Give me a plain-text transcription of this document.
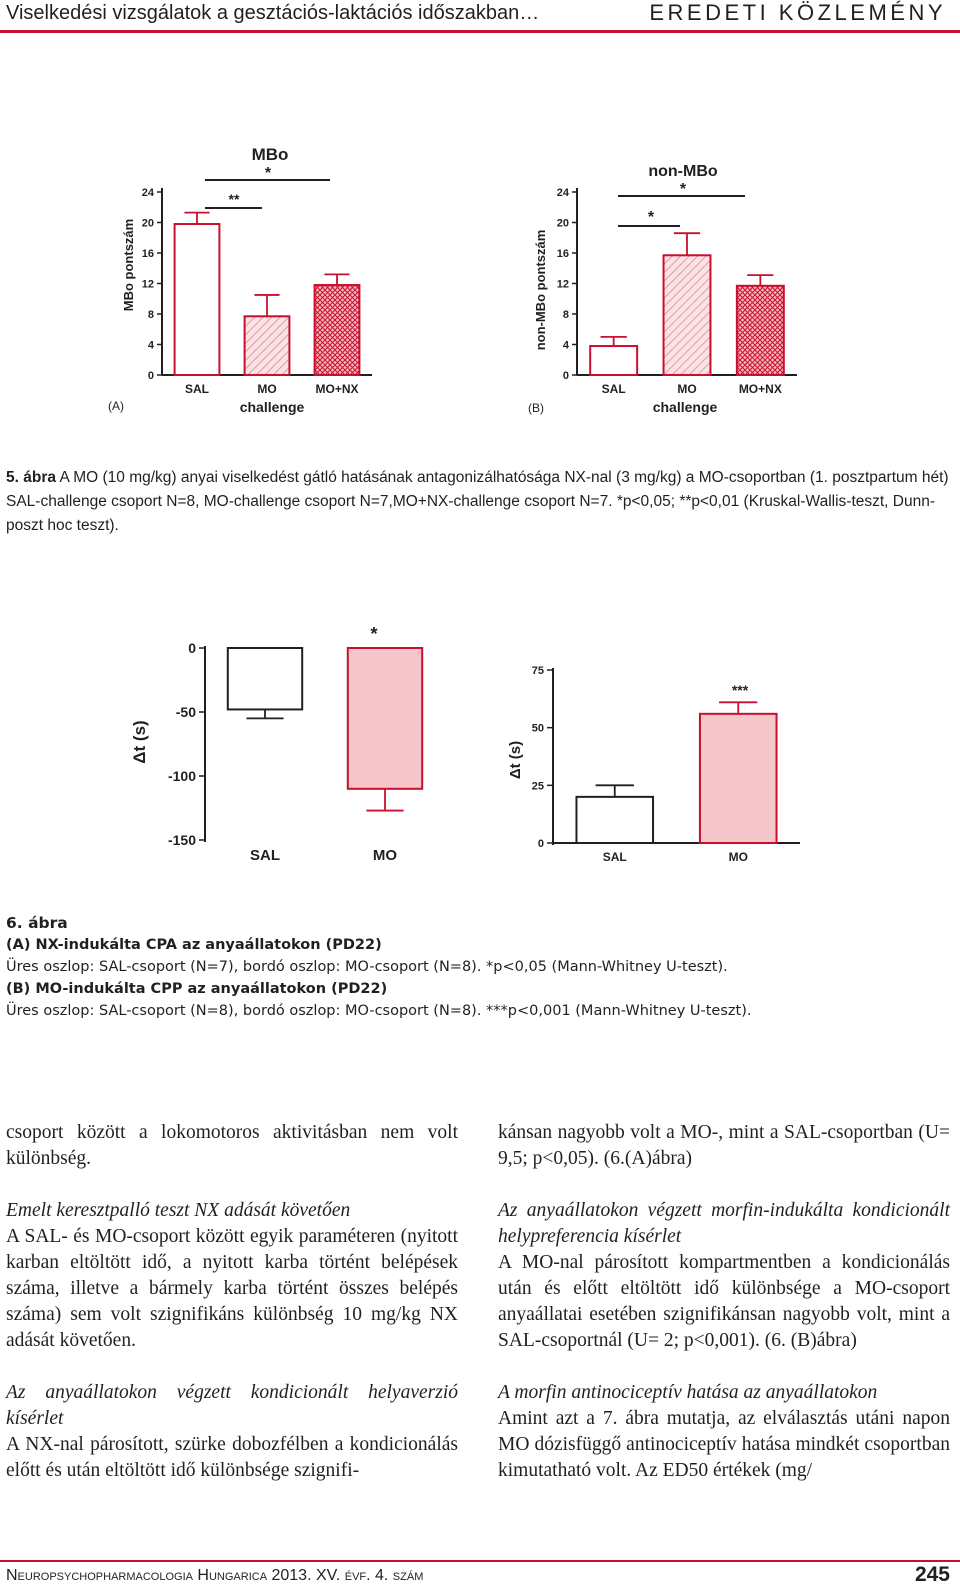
Viselkedési vizsgálatok a gesztációs-laktációs időszakban…	EREDETI KÖZLEMÉNY
MBo pontszám
MBo
*
**
0
4
8
12
16
20
24
SAL	MO	MO+NX
challenge
(A)
non-MBo pontszám
non-MBo
*
*
0
4
8
12
16
20
24
SAL	MO	MO+NX
challenge
(B)
5. ábra A MO (10 mg/kg) anyai viselkedést gátló hatásának antagonizálhatósága NX-nal (3 mg/kg) a MO-csoportban (1. posztpartum hét) SAL-challenge csoport N=8, MO-challenge csoport N=7,MO+NX-challenge csoport N=7. *p<0,05; **p<0,01 (Kruskal-Wallis-teszt, Dunn-poszt hoc teszt).
Δt (s)
*
0
-50
-100
-150
SAL	MO
Δt (s)
***
0
25
50
75
SAL	MO
6. ábra
(A) NX-indukálta CPA az anyaállatokon (PD22)
Üres oszlop: SAL-csoport (N=7), bordó oszlop: MO-csoport (N=8). *p<0,05 (Mann-Whitney U-teszt).
(B) MO-indukálta CPP az anyaállatokon (PD22)
Üres oszlop: SAL-csoport (N=8), bordó oszlop: MO-csoport (N=8). ***p<0,001 (Mann-Whitney U-teszt).

csoport között a lokomotoros aktivitásban nem volt különbség.

Emelt keresztpalló teszt NX adását követően
A SAL- és MO-csoport között egyik paraméteren (nyitott karban eltöltött idő, a nyitott karba történt belépések száma, illetve a bármely karba történt összes belépés száma) sem volt szignifikáns különbség 10 mg/kg NX adását követően.

Az anyaállatokon végzett kondicionált helyaverzió kísérlet
A NX-nal párosított, szürke dobozfélben a kondicionálás előtt és után eltöltött idő különbsége szignifi-

kánsan nagyobb volt a MO-, mint a SAL-csoportban (U= 9,5; p<0,05). (6.(A)ábra)

Az anyaállatokon végzett morfin-indukálta kondicionált helypreferencia kísérlet
A MO-nal párosított kompartmentben a kondicionálás után és előtt eltöltött idő különbsége a MO-csoport anyaállatai esetében szignifikánsan nagyobb volt, mint a SAL-csoportnál (U= 2; p<0,001). (6. (B)ábra)

A morfin antinociceptív hatása az anyaállatokon
Amint azt a 7. ábra mutatja, az elválasztás utáni napon MO dózisfüggő antinociceptív hatása mindkét csoportban kimutatható volt. Az ED50 értékek (mg/

Neuropsychopharmacologia Hungarica 2013. XV. évf. 4. szám	245
